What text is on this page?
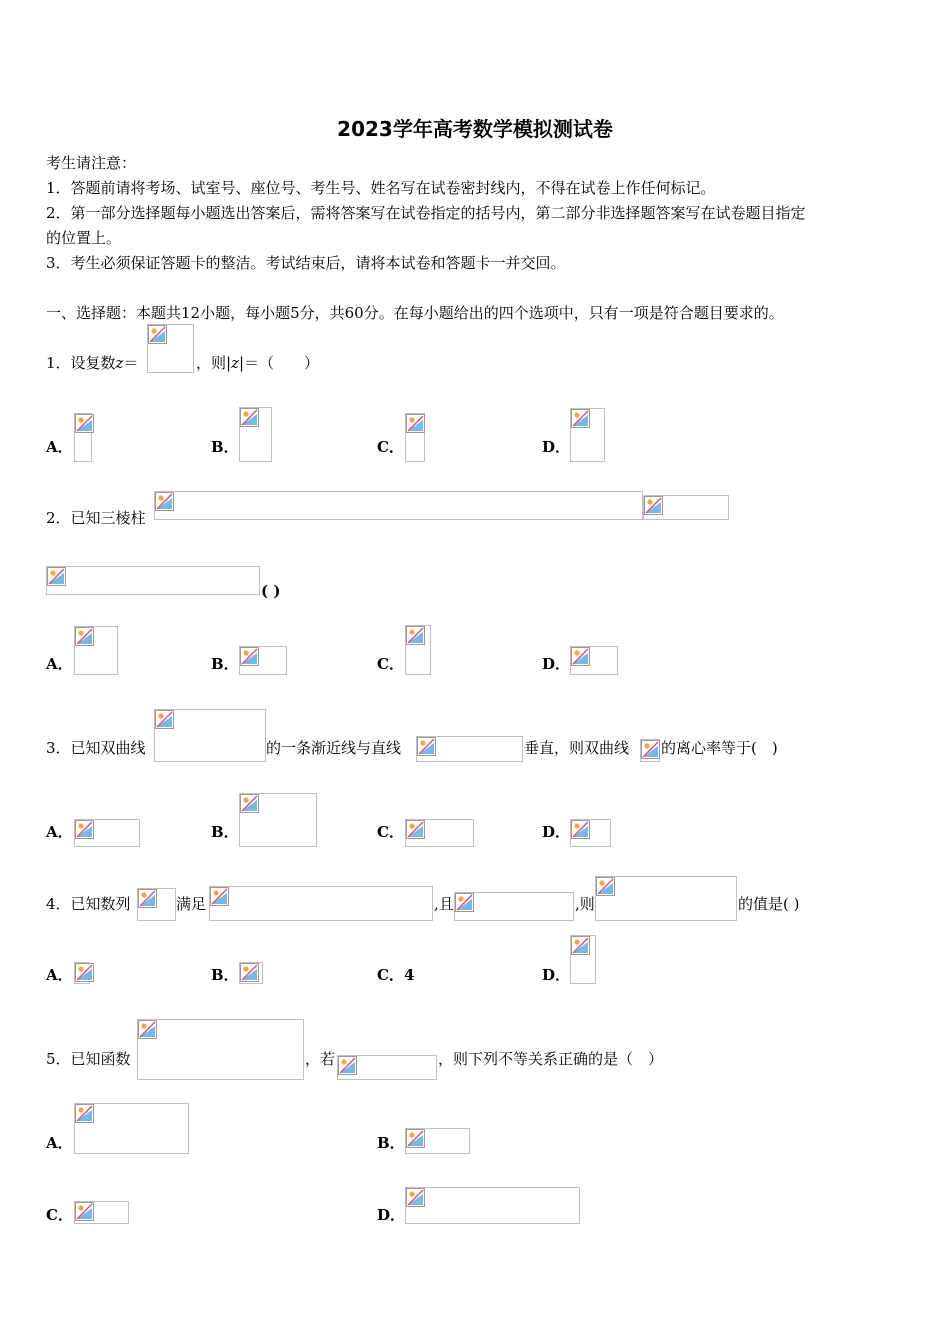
2023学年高考数学模拟测试卷
考生请注意：
1．答题前请将考场、试室号、座位号、考生号、姓名写在试卷密封线内，不得在试卷上作任何标记。
2．第一部分选择题每小题选出答案后，需将答案写在试卷指定的括号内，第二部分非选择题答案写在试卷题目指定
的位置上。
3．考生必须保证答题卡的整洁。考试结束后，请将本试卷和答题卡一并交回。
一、选择题：本题共12小题，每小题5分，共60分。在每小题给出的四个选项中，只有一项是符合题目要求的。
1．设复数z＝	，则|z|＝（　　）
A．	B．	C．	D．
2．已知三棱柱
( )
A．	B．	C．	D．
3．已知双曲线	的一条渐近线与直线	垂直，则双曲线 的离心率等于(　)
A．	B．	C．	D．
4．已知数列	满足	,且	,则	的值是( )
A．	B．	C．4	D．
5．已知函数	，若	，则下列不等关系正确的是（　）
A．	B．
C．	D．
